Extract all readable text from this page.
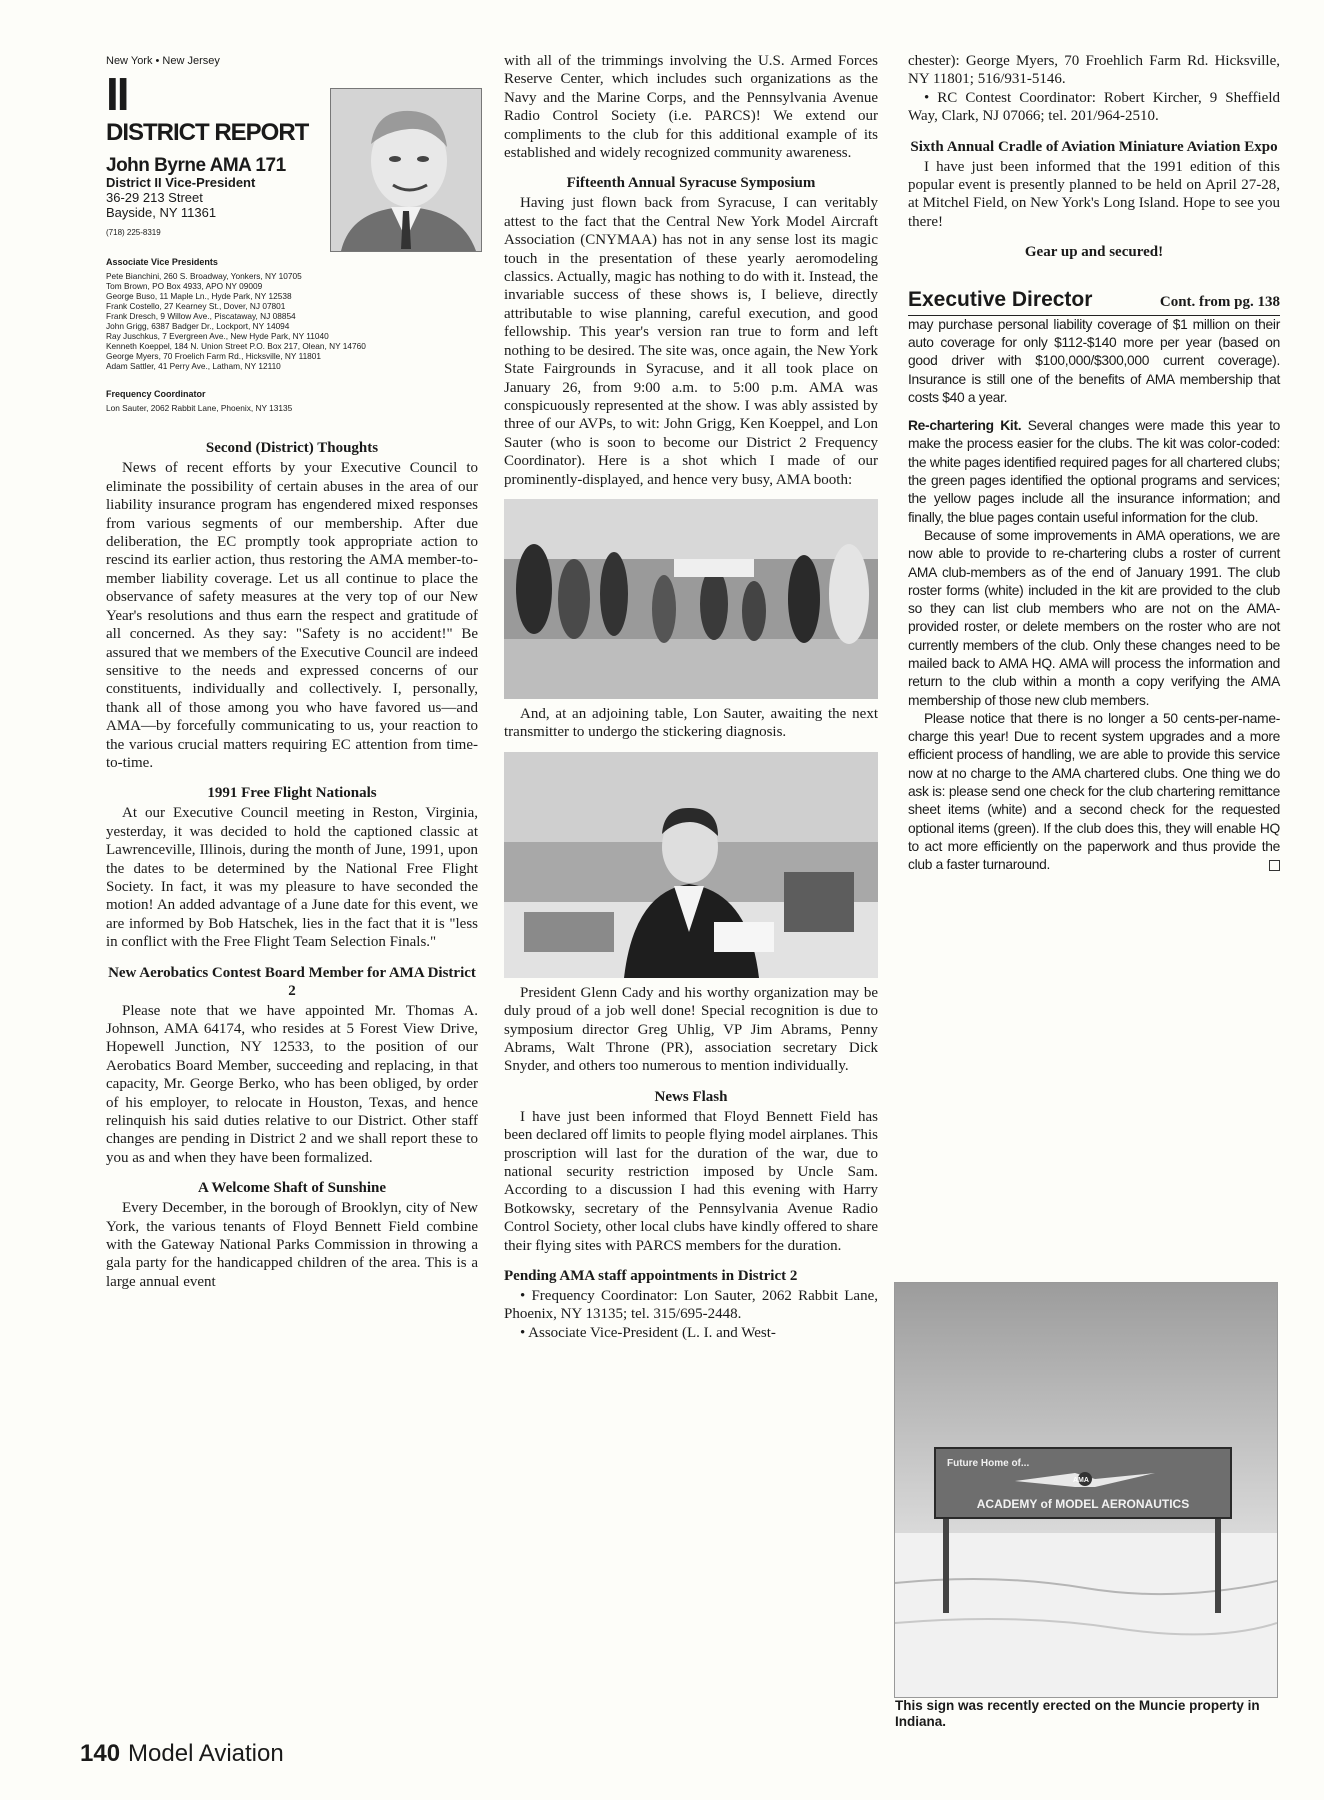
New York • New Jersey
II
DISTRICT REPORT
John Byrne AMA 171
District II Vice-President
36-29 213 Street
Bayside, NY 11361
(718) 225-8319
Associate Vice Presidents
Pete Bianchini, 260 S. Broadway, Yonkers, NY 10705
Tom Brown, PO Box 4933, APO NY 09009
George Buso, 11 Maple Ln., Hyde Park, NY 12538
Frank Costello, 27 Kearney St., Dover, NJ 07801
Frank Dresch, 9 Willow Ave., Piscataway, NJ 08854
John Grigg, 6387 Badger Dr., Lockport, NY 14094
Ray Juschkus, 7 Evergreen Ave., New Hyde Park, NY 11040
Kenneth Koeppel, 184 N. Union Street P.O. Box 217, Olean, NY 14760
George Myers, 70 Froelich Farm Rd., Hicksville, NY 11801
Adam Sattler, 41 Perry Ave., Latham, NY 12110
Frequency Coordinator
Lon Sauter, 2062 Rabbit Lane, Phoenix, NY 13135
Second (District) Thoughts

News of recent efforts by your Executive Council to eliminate the possibility of certain abuses in the area of our liability insurance program has engendered mixed responses from various segments of our membership. After due deliberation, the EC promptly took appropriate action to rescind its earlier action, thus restoring the AMA member-to-member liability coverage. Let us all continue to place the observance of safety measures at the very top of our New Year's resolutions and thus earn the respect and gratitude of all concerned. As they say: "Safety is no accident!" Be assured that we members of the Executive Council are indeed sensitive to the needs and expressed concerns of our constituents, individually and collectively. I, personally, thank all of those among you who have favored us—and AMA—by forcefully communicating to us, your reaction to the various crucial matters requiring EC attention from time-to-time.

1991 Free Flight Nationals

At our Executive Council meeting in Reston, Virginia, yesterday, it was decided to hold the captioned classic at Lawrenceville, Illinois, during the month of June, 1991, upon the dates to be determined by the National Free Flight Society. In fact, it was my pleasure to have seconded the motion! An added advantage of a June date for this event, we are informed by Bob Hatschek, lies in the fact that it is "less in conflict with the Free Flight Team Selection Finals."

New Aerobatics Contest Board Member for AMA District 2

Please note that we have appointed Mr. Thomas A. Johnson, AMA 64174, who resides at 5 Forest View Drive, Hopewell Junction, NY 12533, to the position of our Aerobatics Board Member, succeeding and replacing, in that capacity, Mr. George Berko, who has been obliged, by order of his employer, to relocate in Houston, Texas, and hence relinquish his said duties relative to our District. Other staff changes are pending in District 2 and we shall report these to you as and when they have been formalized.

A Welcome Shaft of Sunshine

Every December, in the borough of Brooklyn, city of New York, the various tenants of Floyd Bennett Field combine with the Gateway National Parks Commission in throwing a gala party for the handicapped children of the area. This is a large annual event

with all of the trimmings involving the U.S. Armed Forces Reserve Center, which includes such organizations as the Navy and the Marine Corps, and the Pennsylvania Avenue Radio Control Society (i.e. PARCS)! We extend our compliments to the club for this additional example of its established and widely recognized community awareness.

Fifteenth Annual Syracuse Symposium

Having just flown back from Syracuse, I can veritably attest to the fact that the Central New York Model Aircraft Association (CNYMAA) has not in any sense lost its magic touch in the presentation of these yearly aeromodeling classics. Actually, magic has nothing to do with it. Instead, the invariable success of these shows is, I believe, directly attributable to wise planning, careful execution, and good fellowship. This year's version ran true to form and left nothing to be desired. The site was, once again, the New York State Fairgrounds in Syracuse, and it all took place on January 26, from 9:00 a.m. to 5:00 p.m. AMA was conspicuously represented at the show. I was ably assisted by three of our AVPs, to wit: John Grigg, Ken Koeppel, and Lon Sauter (who is soon to become our District 2 Frequency Coordinator). Here is a shot which I made of our prominently-displayed, and hence very busy, AMA booth:

And, at an adjoining table, Lon Sauter, awaiting the next transmitter to undergo the stickering diagnosis.

President Glenn Cady and his worthy organization may be duly proud of a job well done! Special recognition is due to symposium director Greg Uhlig, VP Jim Abrams, Penny Abrams, Walt Throne (PR), association secretary Dick Snyder, and others too numerous to mention individually.

News Flash

I have just been informed that Floyd Bennett Field has been declared off limits to people flying model airplanes. This proscription will last for the duration of the war, due to national security restriction imposed by Uncle Sam. According to a discussion I had this evening with Harry Botkowsky, secretary of the Pennsylvania Avenue Radio Control Society, other local clubs have kindly offered to share their flying sites with PARCS members for the duration.

Pending AMA staff appointments in District 2

• Frequency Coordinator: Lon Sauter, 2062 Rabbit Lane, Phoenix, NY 13135; tel. 315/695-2448.

• Associate Vice-President (L. I. and West-

chester): George Myers, 70 Froehlich Farm Rd. Hicksville, NY 11801; 516/931-5146.

• RC Contest Coordinator: Robert Kircher, 9 Sheffield Way, Clark, NJ 07066; tel. 201/964-2510.

Sixth Annual Cradle of Aviation Miniature Aviation Expo

I have just been informed that the 1991 edition of this popular event is presently planned to be held on April 27-28, at Mitchel Field, on New York's Long Island. Hope to see you there!

Gear up and secured!
Executive Director	Cont. from pg. 138

may purchase personal liability coverage of $1 million on their auto coverage for only $112-$140 more per year (based on good driver with $100,000/$300,000 current coverage). Insurance is still one of the benefits of AMA membership that costs $40 a year.

Re-chartering Kit. Several changes were made this year to make the process easier for the clubs. The kit was color-coded: the white pages identified required pages for all chartered clubs; the green pages identified the optional programs and services; the yellow pages include all the insurance information; and finally, the blue pages contain useful information for the club.

Because of some improvements in AMA operations, we are now able to provide to re-chartering clubs a roster of current AMA club-members as of the end of January 1991. The club roster forms (white) included in the kit are provided to the club so they can list club members who are not on the AMA-provided roster, or delete members on the roster who are not currently members of the club. Only these changes need to be mailed back to AMA HQ. AMA will process the information and return to the club within a month a copy verifying the AMA membership of those new club members.

Please notice that there is no longer a 50 cents-per-name-charge this year! Due to recent system upgrades and a more efficient process of handling, we are able to provide this service now at no charge to the AMA chartered clubs. One thing we do ask is: please send one check for the club chartering remittance sheet items (white) and a second check for the requested optional items (green). If the club does this, they will enable HQ to act more efficiently on the paperwork and thus provide the club a faster turnaround.

Future Home of...
AMA
ACADEMY of MODEL AERONAUTICS
This sign was recently erected on the Muncie property in Indiana.
140 Model Aviation
